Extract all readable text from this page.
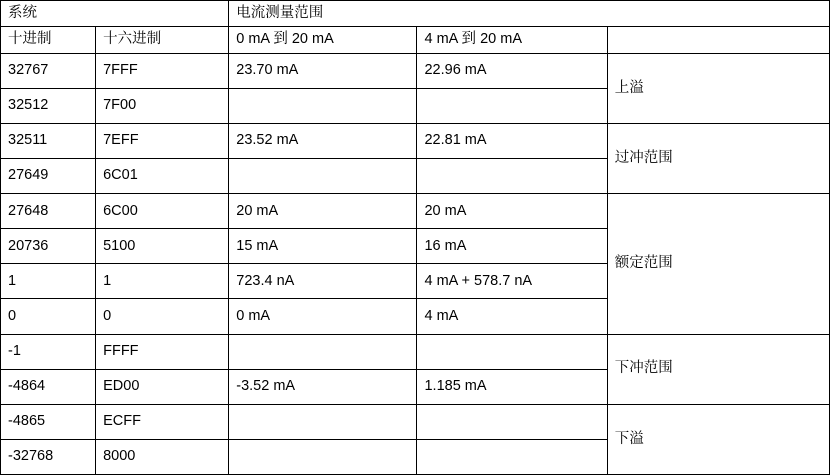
系统		电流测量范围		
十进制	十六进制	0 mA 到 20 mA	4 mA 到 20 mA	
32767	7FFF	23.70 mA	22.96 mA	上溢
32512	7F00			
32511	7EFF	23.52 mA	22.81 mA	过冲范围
27649	6C01			
27648	6C00	20 mA	20 mA	额定范围
20736	5100	15 mA	16 mA	
1	1	723.4 nA	4 mA + 578.7 nA	
0	0	0 mA	4 mA	
-1	FFFF			下冲范围
-4864	ED00	-3.52 mA	1.185 mA	
-4865	ECFF			下溢
-32768	8000			
